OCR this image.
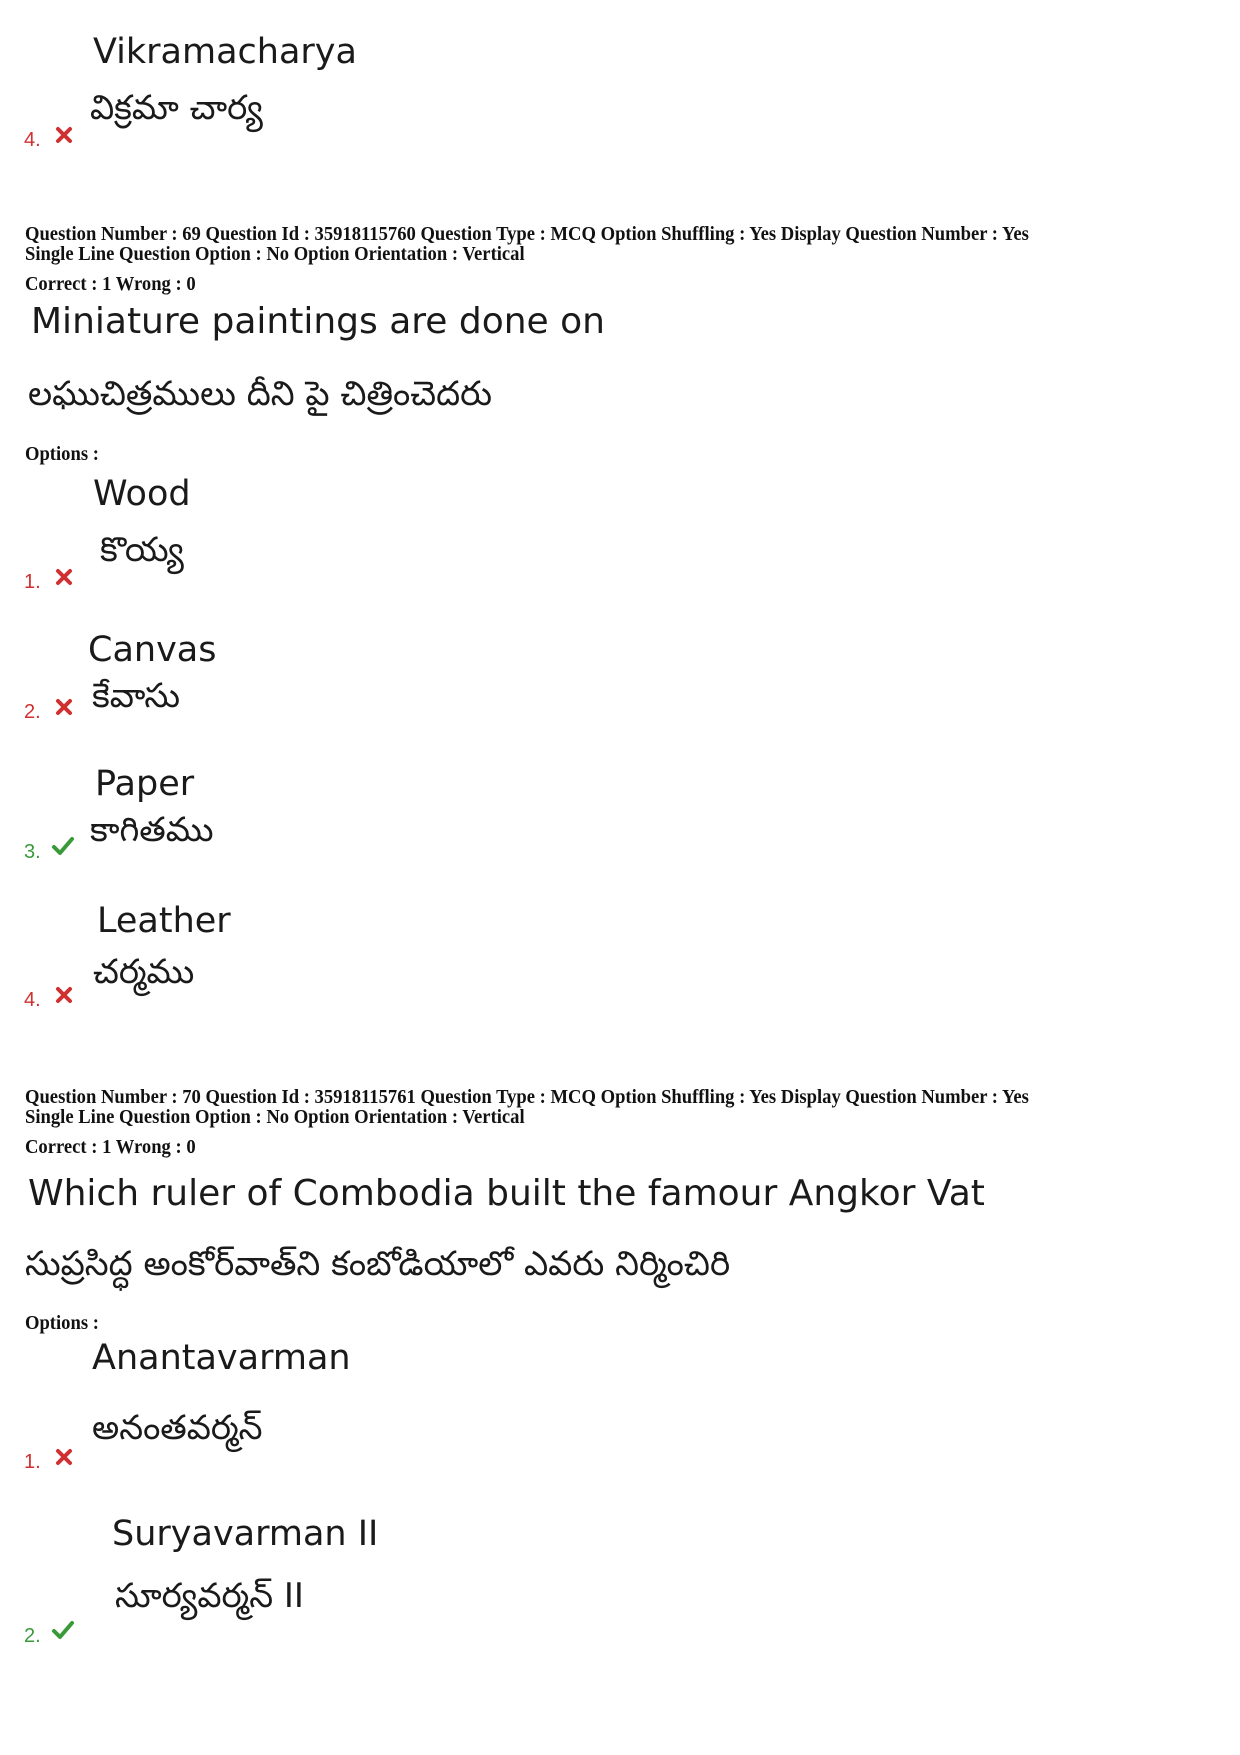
Vikramacharya
విక్రమా చార్య
4.
Question Number : 69 Question Id : 35918115760 Question Type : MCQ Option Shuffling : Yes Display Question Number : Yes
Single Line Question Option : No Option Orientation : Vertical
Correct : 1 Wrong : 0
Miniature paintings are done on
లఘుచిత్రములు దీని పై చిత్రించెదరు
Options :
Wood
కొయ్య
1.
Canvas
కేవాసు
2.
Paper
కాగితము
3.
Leather
చర్మము
4.
Question Number : 70 Question Id : 35918115761 Question Type : MCQ Option Shuffling : Yes Display Question Number : Yes
Single Line Question Option : No Option Orientation : Vertical
Correct : 1 Wrong : 0
Which ruler of Combodia built the famour Angkor Vat
సుప్రసిద్ధ అంకోర్‌వాత్‌ని కంబోడియాలో ఎవరు నిర్మించిరి
Options :
Anantavarman
అనంతవర్మన్
1.
Suryavarman II
సూర్యవర్మన్ II
2.
